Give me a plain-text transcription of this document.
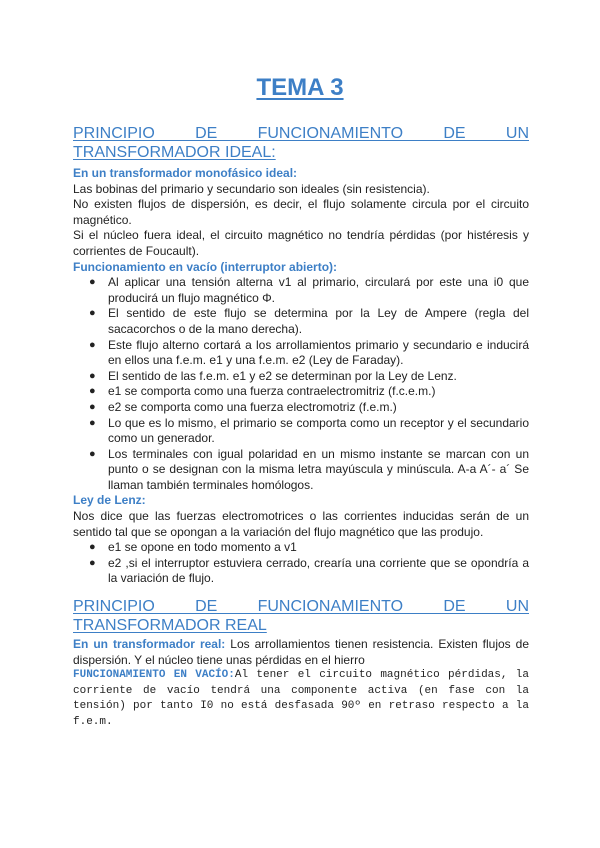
TEMA 3
PRINCIPIO DE FUNCIONAMIENTO DE UN TRANSFORMADOR IDEAL:

En un transformador monofásico ideal:

Las bobinas del primario y secundario son ideales (sin resistencia).

No existen flujos de dispersión, es decir, el flujo solamente circula por el circuito magnético.

Si el núcleo fuera ideal, el circuito magnético no tendría pérdidas (por histéresis y corrientes de Foucault).

Funcionamiento en vacío (interruptor abierto):

● Al aplicar una tensión alterna v1 al primario, circulará por este una i0 que producirá un flujo magnético Φ.
● El sentido de este flujo se determina por la Ley de Ampere (regla del sacacorchos o de la mano derecha).
● Este flujo alterno cortará a los arrollamientos primario y secundario e inducirá en ellos una f.e.m. e1 y una f.e.m. e2 (Ley de Faraday).
● El sentido de las f.e.m. e1 y e2 se determinan por la Ley de Lenz.
● e1 se comporta como una fuerza contraelectromitriz (f.c.e.m.)
● e2 se comporta como una fuerza electromotriz (f.e.m.)
● Lo que es lo mismo, el primario se comporta como un receptor y el secundario como un generador.
● Los terminales con igual polaridad en un mismo instante se marcan con un punto o se designan con la misma letra mayúscula y minúscula. A-a A´- a´ Se llaman también terminales homólogos.

Ley de Lenz:

Nos dice que las fuerzas electromotrices o las corrientes inducidas serán de un sentido tal que se opongan a la variación del flujo magnético que las produjo.

● e1 se opone en todo momento a v1
● e2 ,si el interruptor estuviera cerrado, crearía una corriente que se opondría a la variación de flujo.
PRINCIPIO DE FUNCIONAMIENTO DE UN TRANSFORMADOR REAL

En un transformador real: Los arrollamientos tienen resistencia. Existen flujos de dispersión. Y el núcleo tiene unas pérdidas en el hierro

FUNCIONAMIENTO EN VACÍO:Al tener el circuito magnético pérdidas, la corriente de vacío tendrá una componente activa (en fase con la tensión) por tanto I0 no está desfasada 90º en retraso respecto a la f.e.m.
